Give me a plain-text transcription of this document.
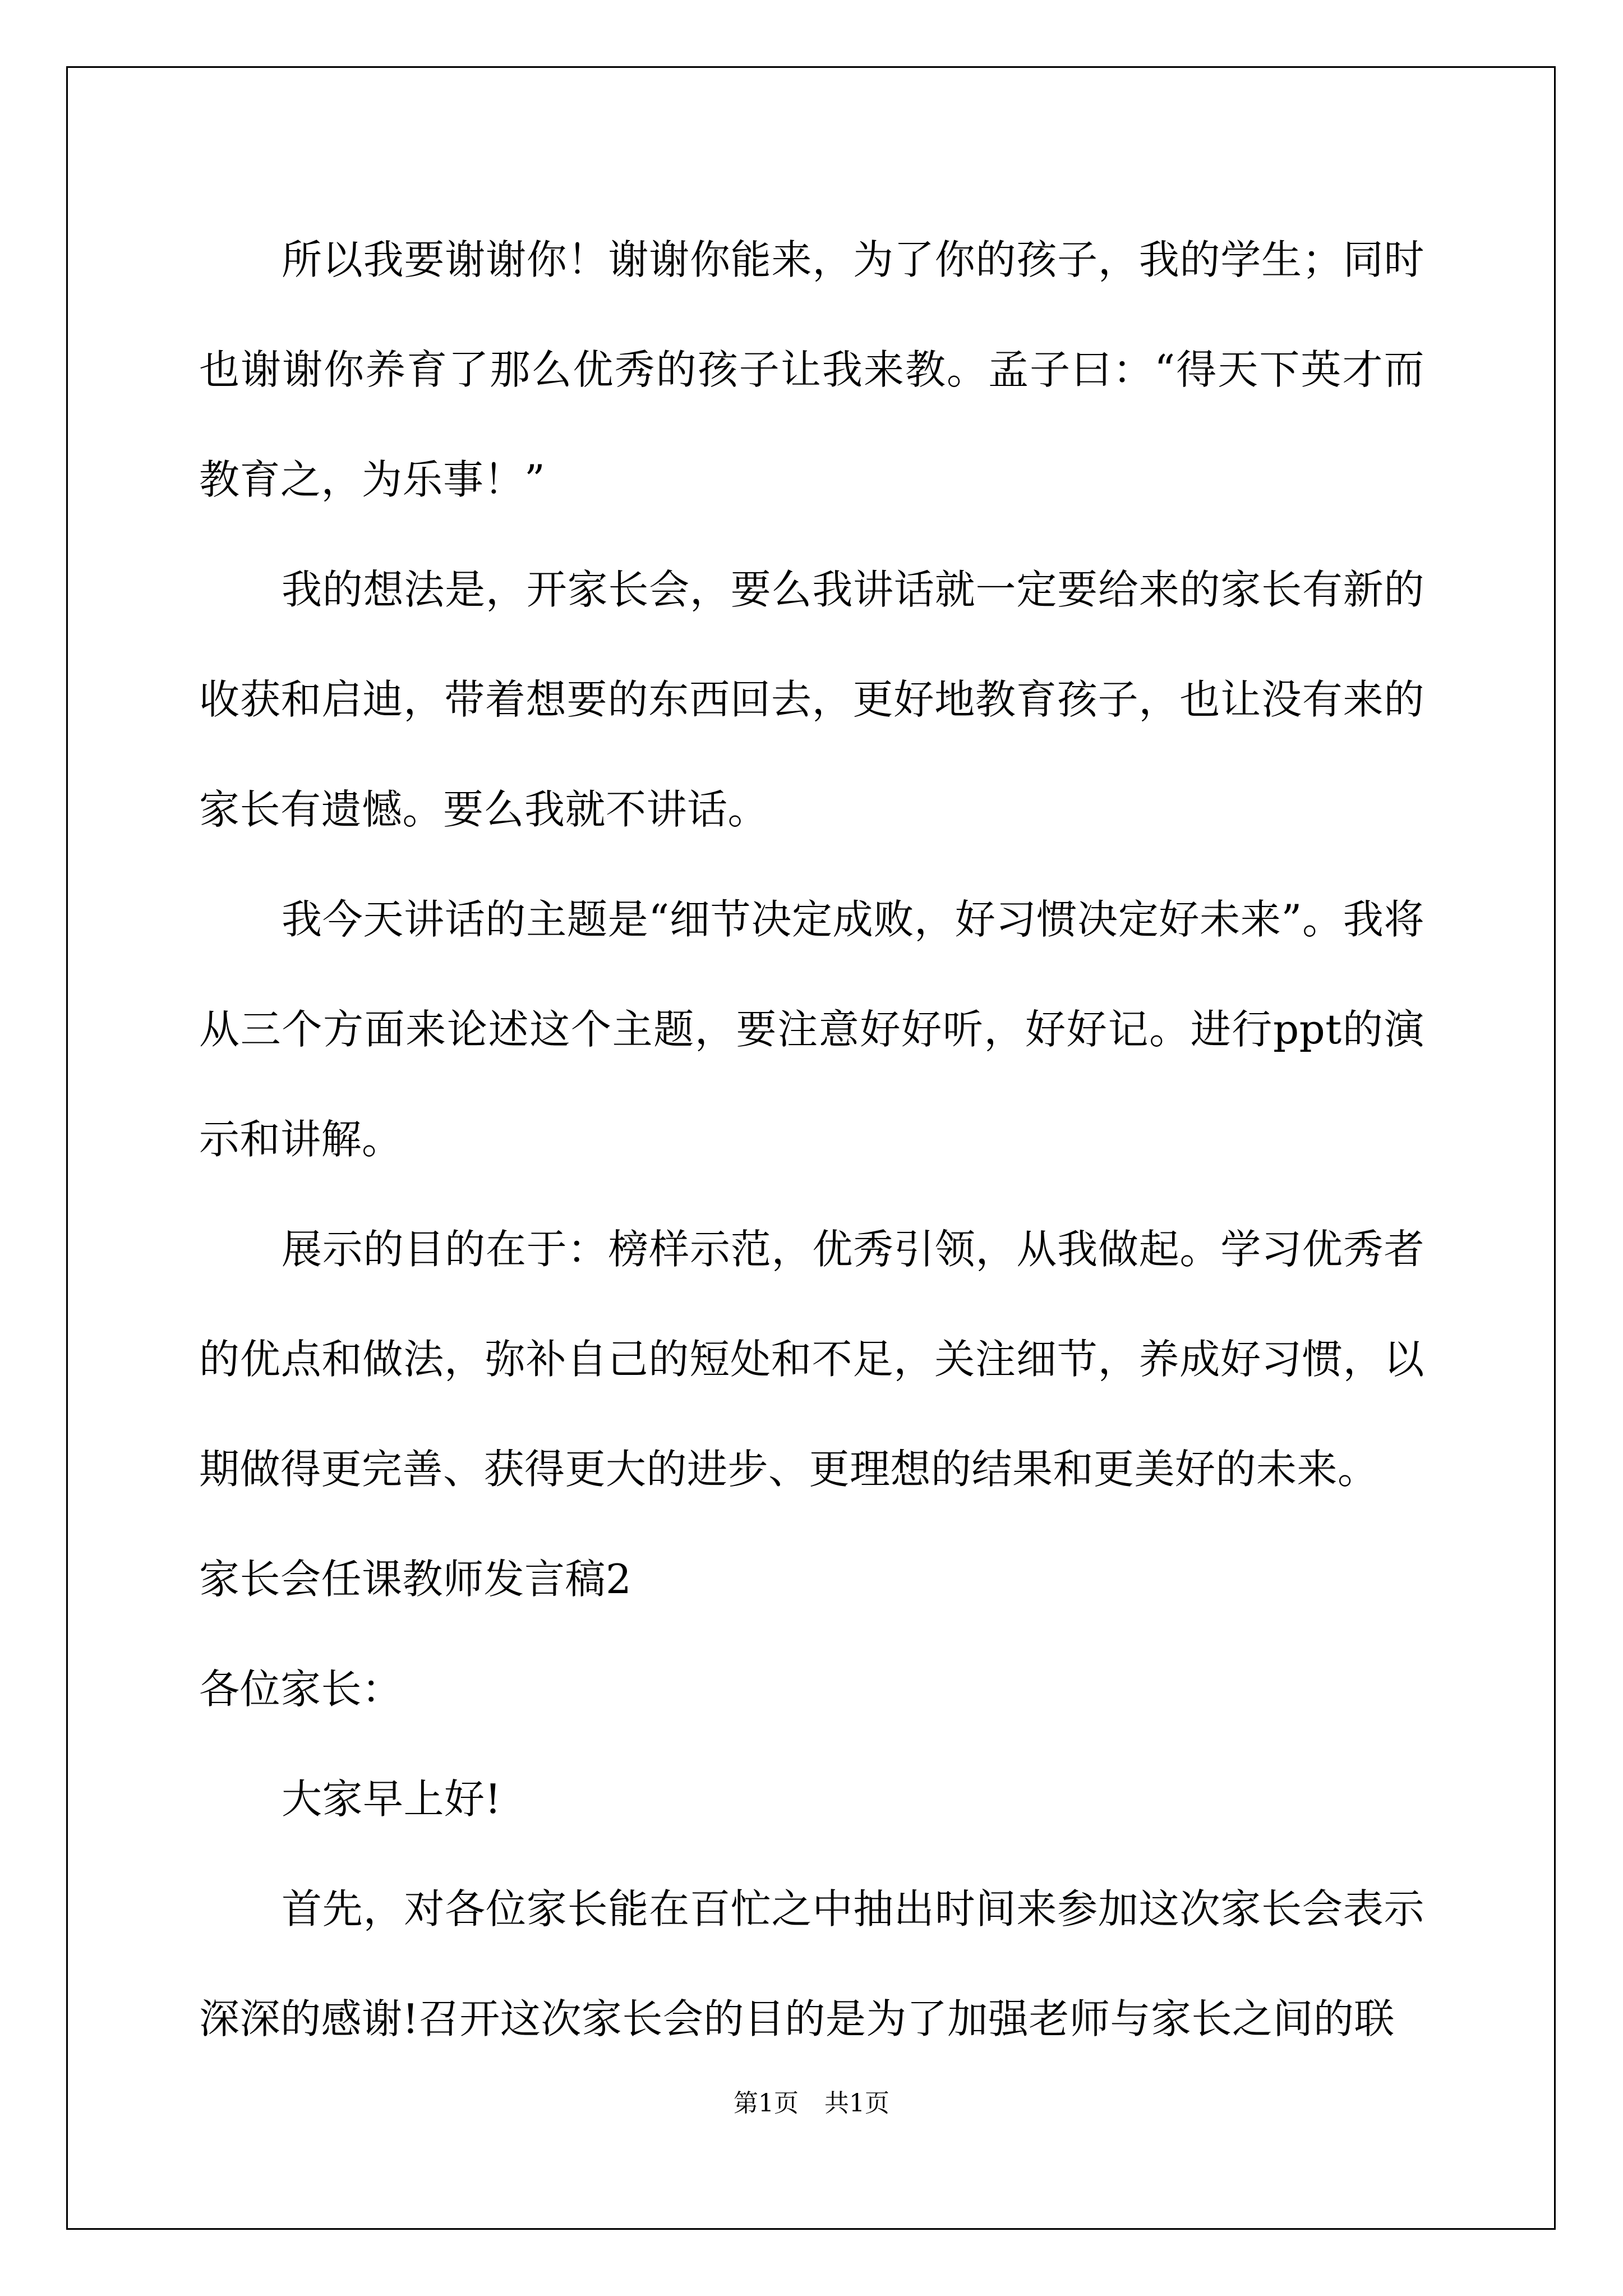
所以我要谢谢你！谢谢你能来，为了你的孩子，我的学生；同时也谢谢你养育了那么优秀的孩子让我来教。孟子曰：“得天下英才而教育之，为乐事！”

我的想法是，开家长会，要么我讲话就一定要给来的家长有新的收获和启迪，带着想要的东西回去，更好地教育孩子，也让没有来的家长有遗憾。要么我就不讲话。

我今天讲话的主题是“细节决定成败，好习惯决定好未来”。我将从三个方面来论述这个主题，要注意好好听，好好记。进行ppt的演示和讲解。

展示的目的在于：榜样示范，优秀引领，从我做起。学习优秀者的优点和做法，弥补自己的短处和不足，关注细节，养成好习惯，以期做得更完善、获得更大的进步、更理想的结果和更美好的未来。

家长会任课教师发言稿2

各位家长：

大家早上好!

首先，对各位家长能在百忙之中抽出时间来参加这次家长会表示深深的感谢!召开这次家长会的目的是为了加强老师与家长之间的联

第1页 共1页
